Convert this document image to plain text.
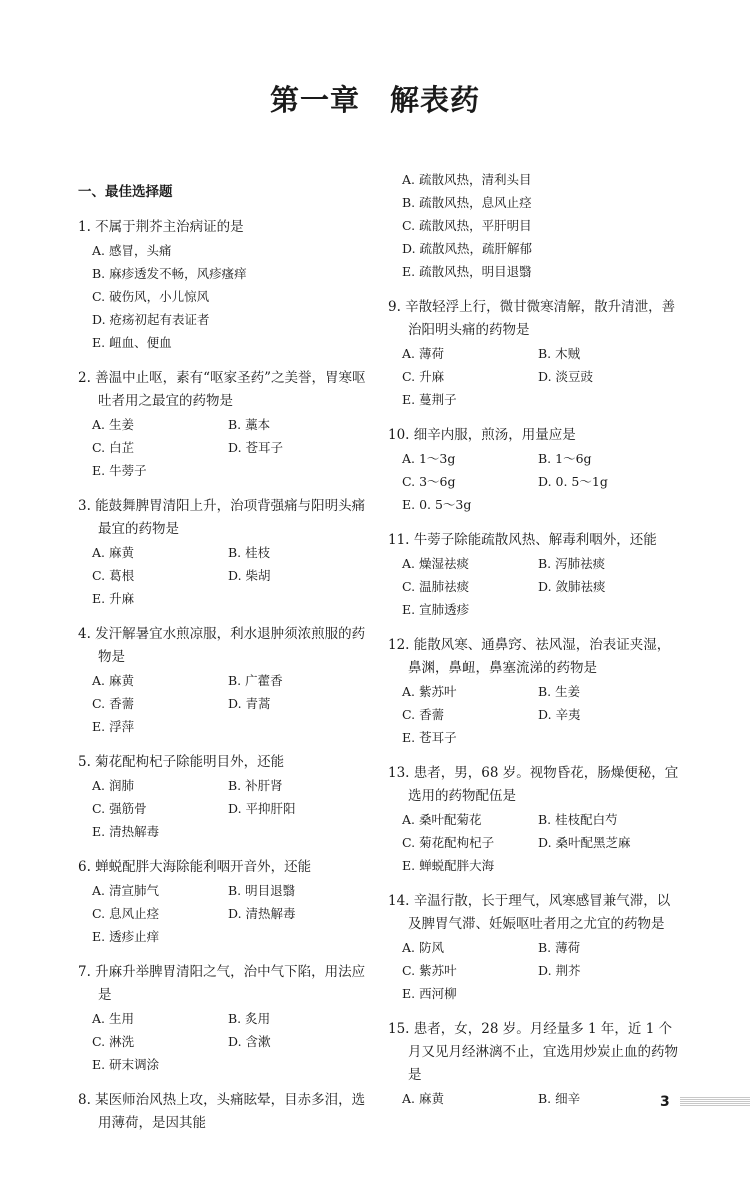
第一章　解表药
一、最佳选择题
1. 不属于荆芥主治病证的是
A. 感冒，头痛
B. 麻疹透发不畅，风疹瘙痒
C. 破伤风，小儿惊风
D. 疮疡初起有表证者
E. 衄血、便血
2. 善温中止呕，素有“呕家圣药”之美誉，胃寒呕吐者用之最宜的药物是
A. 生姜	B. 藁本
C. 白芷	D. 苍耳子
E. 牛蒡子
3. 能鼓舞脾胃清阳上升，治项背强痛与阳明头痛最宜的药物是
A. 麻黄	B. 桂枝
C. 葛根	D. 柴胡
E. 升麻
4. 发汗解暑宜水煎凉服，利水退肿须浓煎服的药物是
A. 麻黄	B. 广藿香
C. 香薷	D. 青蒿
E. 浮萍
5. 菊花配枸杞子除能明目外，还能
A. 润肺	B. 补肝肾
C. 强筋骨	D. 平抑肝阳
E. 清热解毒
6. 蝉蜕配胖大海除能利咽开音外，还能
A. 清宣肺气	B. 明目退翳
C. 息风止痉	D. 清热解毒
E. 透疹止痒
7. 升麻升举脾胃清阳之气，治中气下陷，用法应是
A. 生用	B. 炙用
C. 淋洗	D. 含漱
E. 研末调涂
8. 某医师治风热上攻，头痛眩晕，目赤多泪，选用薄荷，是因其能
A. 疏散风热，清利头目
B. 疏散风热，息风止痉
C. 疏散风热，平肝明目
D. 疏散风热，疏肝解郁
E. 疏散风热，明目退翳
9. 辛散轻浮上行，微甘微寒清解，散升清泄，善治阳明头痛的药物是
A. 薄荷	B. 木贼
C. 升麻	D. 淡豆豉
E. 蔓荆子
10. 细辛内服，煎汤，用量应是
A. 1～3g	B. 1～6g
C. 3～6g	D. 0. 5～1g
E. 0. 5～3g
11. 牛蒡子除能疏散风热、解毒利咽外，还能
A. 燥湿祛痰	B. 泻肺祛痰
C. 温肺祛痰	D. 敛肺祛痰
E. 宣肺透疹
12. 能散风寒、通鼻窍、祛风湿，治表证夹湿，鼻渊，鼻衄，鼻塞流涕的药物是
A. 紫苏叶	B. 生姜
C. 香薷	D. 辛夷
E. 苍耳子
13. 患者，男，68 岁。视物昏花，肠燥便秘，宜选用的药物配伍是
A. 桑叶配菊花	B. 桂枝配白芍
C. 菊花配枸杞子	D. 桑叶配黑芝麻
E. 蝉蜕配胖大海
14. 辛温行散，长于理气，风寒感冒兼气滞，以及脾胃气滞、妊娠呕吐者用之尤宜的药物是
A. 防风	B. 薄荷
C. 紫苏叶	D. 荆芥
E. 西河柳
15. 患者，女，28 岁。月经量多 1 年，近 1 个月又见月经淋漓不止，宜选用炒炭止血的药物是
A. 麻黄	B. 细辛	3
